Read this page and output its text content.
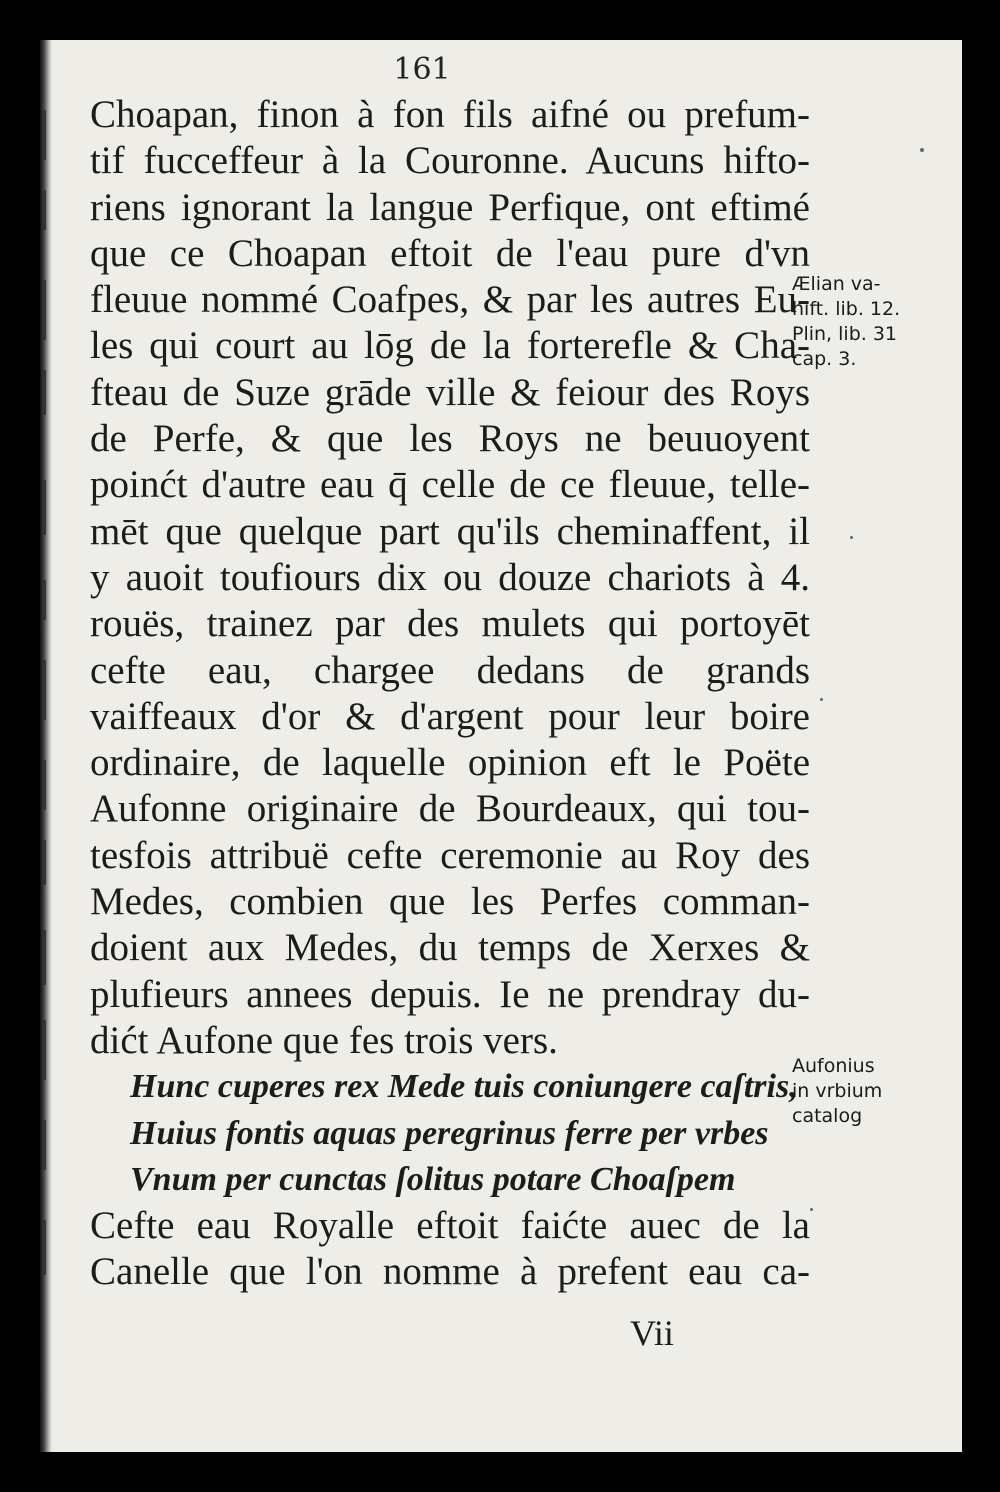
161
Choapan, finon à fon fils aifné ou prefum-
tif fucceffeur à la Couronne. Aucuns hifto-
riens ignorant la langue Perfique, ont eftimé
que ce Choapan eftoit de l'eau pure d'vn
fleuue nommé Coafpes, & par les autres Eu-
les qui court au lōg de la forterefle & Cha-
fteau de Suze grāde ville & feiour des Roys
de Perfe, & que les Roys ne beuuoyent
poinćt d'autre eau q̄ celle de ce fleuue, telle-
mēt que quelque part qu'ils cheminaffent, il
y auoit toufiours dix ou douze chariots à 4.
rouës, trainez par des mulets qui portoyēt
cefte eau, chargee dedans de grands
vaiffeaux d'or & d'argent pour leur boire
ordinaire, de laquelle opinion eft le Poëte
Aufonne originaire de Bourdeaux, qui tou-
tesfois attribuë cefte ceremonie au Roy des
Medes, combien que les Perfes comman-
doient aux Medes, du temps de Xerxes &
plufieurs annees depuis. Ie ne prendray du-
dićt Aufone que fes trois vers.
Hunc cuperes rex Mede tuis coniungere caſtris,
Huius fontis aquas peregrinus ferre per vrbes
Vnum per cunctas ſolitus potare Choaſpem
Cefte eau Royalle eftoit faićte auec de la
Canelle que l'on nomme à prefent eau ca-
Vii
Ælian va-
hift. lib. 12.
Plin, lib. 31
cap. 3.
Aufonius
in vrbium
catalog
